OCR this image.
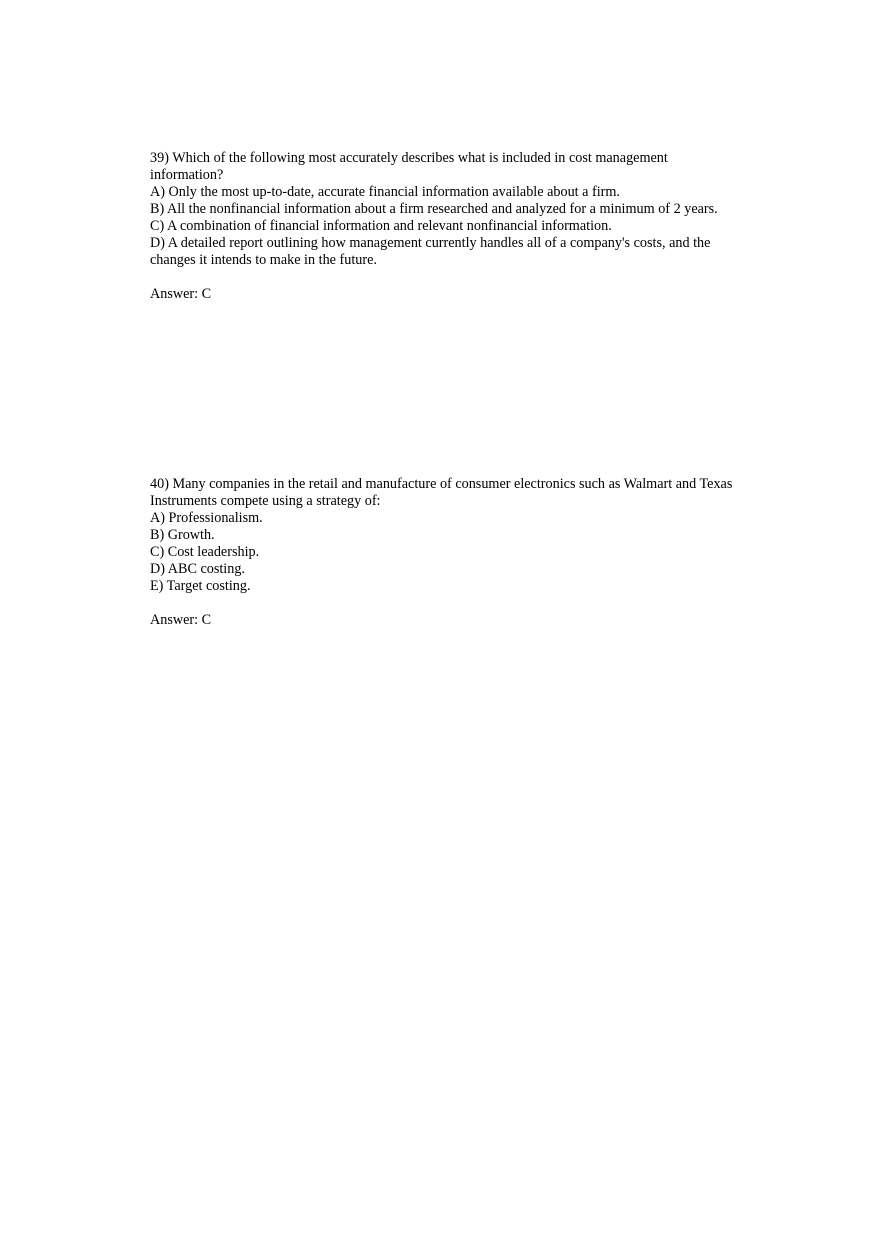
39) Which of the following most accurately describes what is included in cost management information?

A) Only the most up-to-date, accurate financial information available about a firm.
B) All the nonfinancial information about a firm researched and analyzed for a minimum of 2 years.
C) A combination of financial information and relevant nonfinancial information.
D) A detailed report outlining how management currently handles all of a company's costs, and the changes it intends to make in the future.

Answer: C

40) Many companies in the retail and manufacture of consumer electronics such as Walmart and Texas Instruments compete using a strategy of:

A) Professionalism.
B) Growth.
C) Cost leadership.
D) ABC costing.
E) Target costing.

Answer: C
